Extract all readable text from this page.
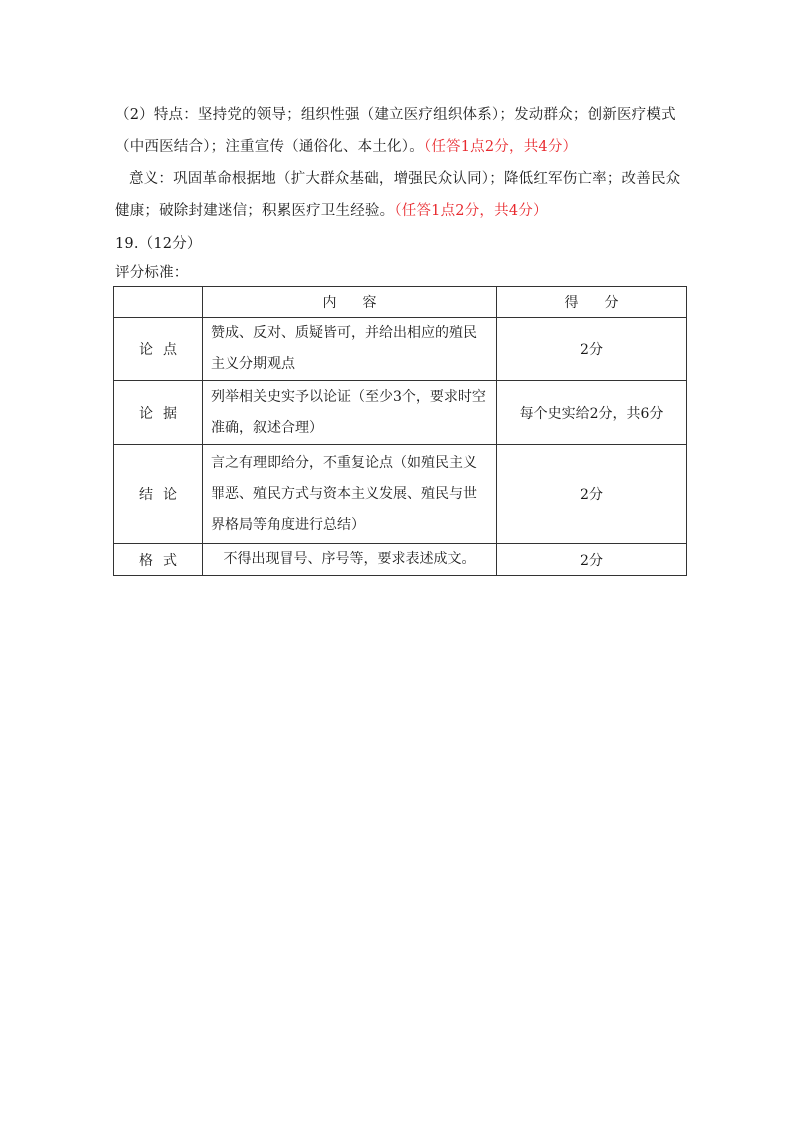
（2）特点：坚持党的领导；组织性强（建立医疗组织体系）；发动群众；创新医疗模式（中西医结合）；注重宣传（通俗化、本土化）。（任答1点2分，共4分）
意义：巩固革命根据地（扩大群众基础，增强民众认同）；降低红军伤亡率；改善民众健康；破除封建迷信；积累医疗卫生经验。（任答1点2分，共4分）
19.（12分）
评分标准：
	内容	得分
论点	赞成、反对、质疑皆可，并给出相应的殖民主义分期观点	2分
论据	列举相关史实予以论证（至少3个，要求时空准确，叙述合理）	每个史实给2分，共6分
结论	言之有理即给分，不重复论点（如殖民主义罪恶、殖民方式与资本主义发展、殖民与世界格局等角度进行总结）	2分
格式	不得出现冒号、序号等，要求表述成文。	2分
